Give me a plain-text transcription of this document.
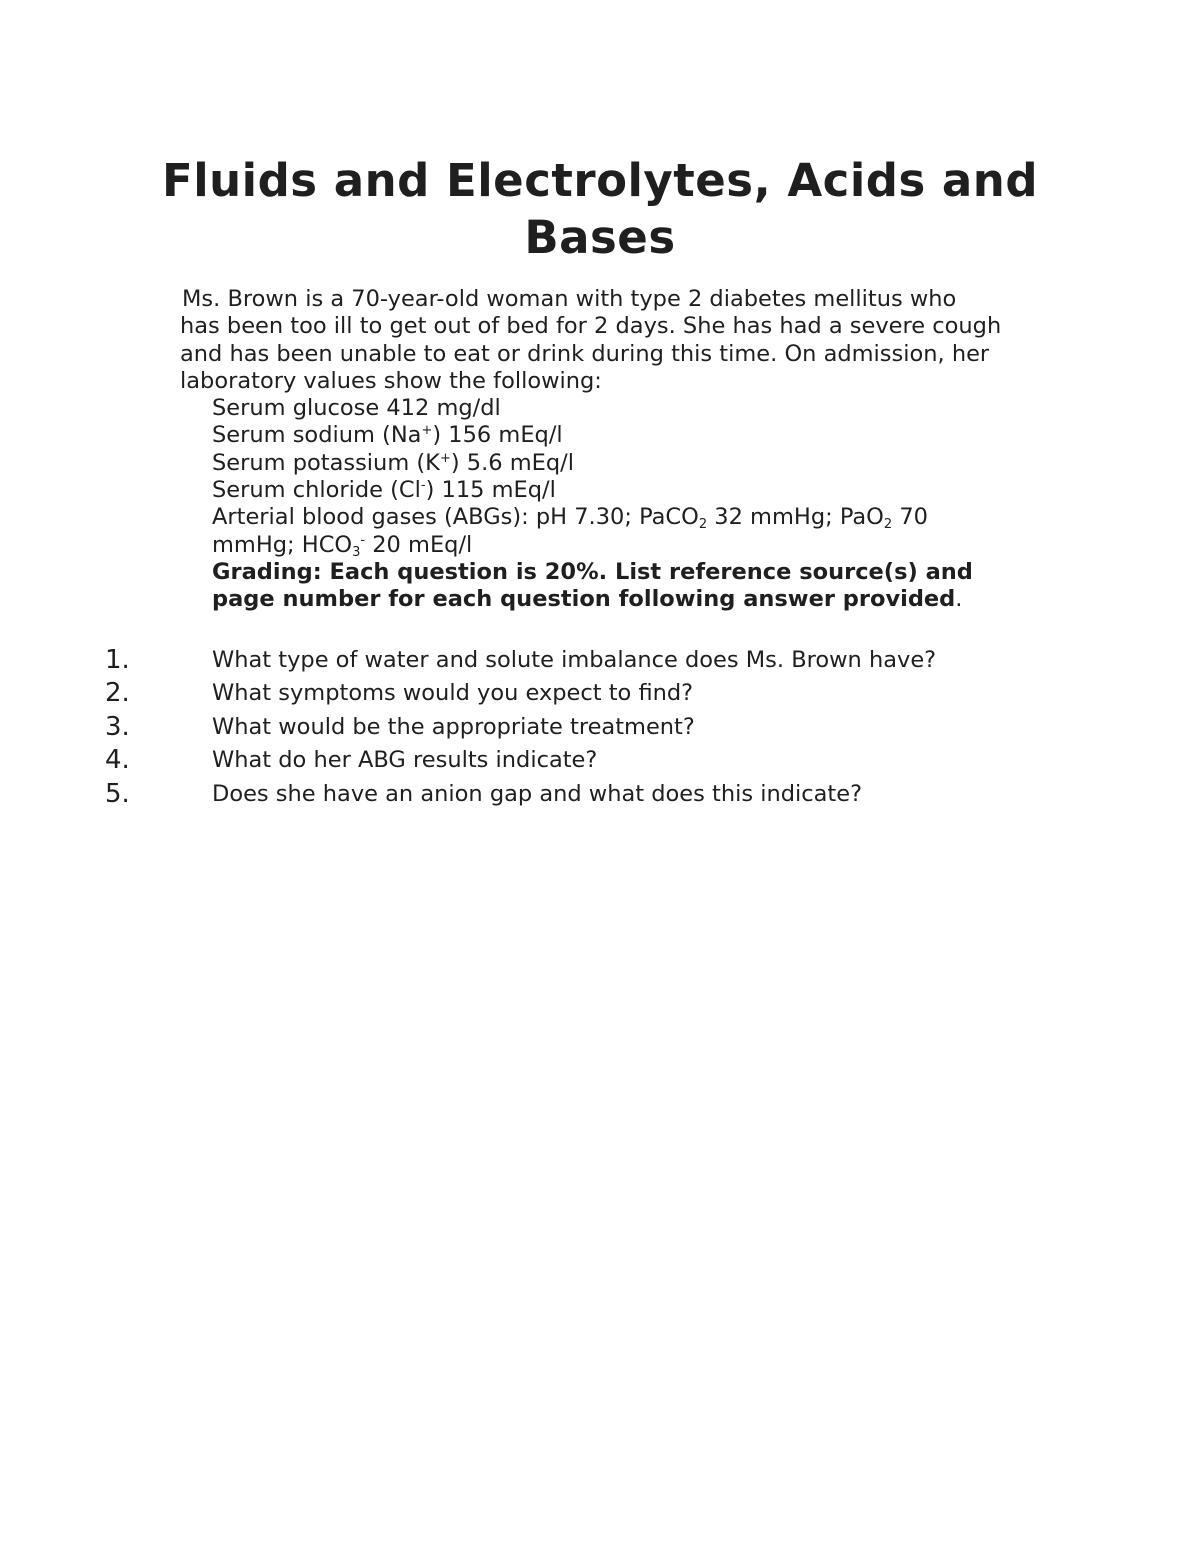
Fluids and Electrolytes, Acids and Bases

Ms. Brown is a 70-year-old woman with type 2 diabetes mellitus who
has been too ill to get out of bed for 2 days. She has had a severe cough
and has been unable to eat or drink during this time. On admission, her
laboratory values show the following:

Serum glucose 412 mg/dl
Serum sodium (Na+) 156 mEq/l
Serum potassium (K+) 5.6 mEq/l
Serum chloride (Cl-) 115 mEq/l
Arterial blood gases (ABGs): pH 7.30; PaCO$_2$ 32 mmHg; PaO$_2$ 70
mmHg; $HCO_3^-$ 20 mEq/l
Grading: Each question is 20%. List reference source(s) and
page number for each question following answer provided.
1.	What type of water and solute imbalance does Ms. Brown have?
2.	What symptoms would you expect to find?
3.	What would be the appropriate treatment?
4.	What do her ABG results indicate?
5.	Does she have an anion gap and what does this indicate?
